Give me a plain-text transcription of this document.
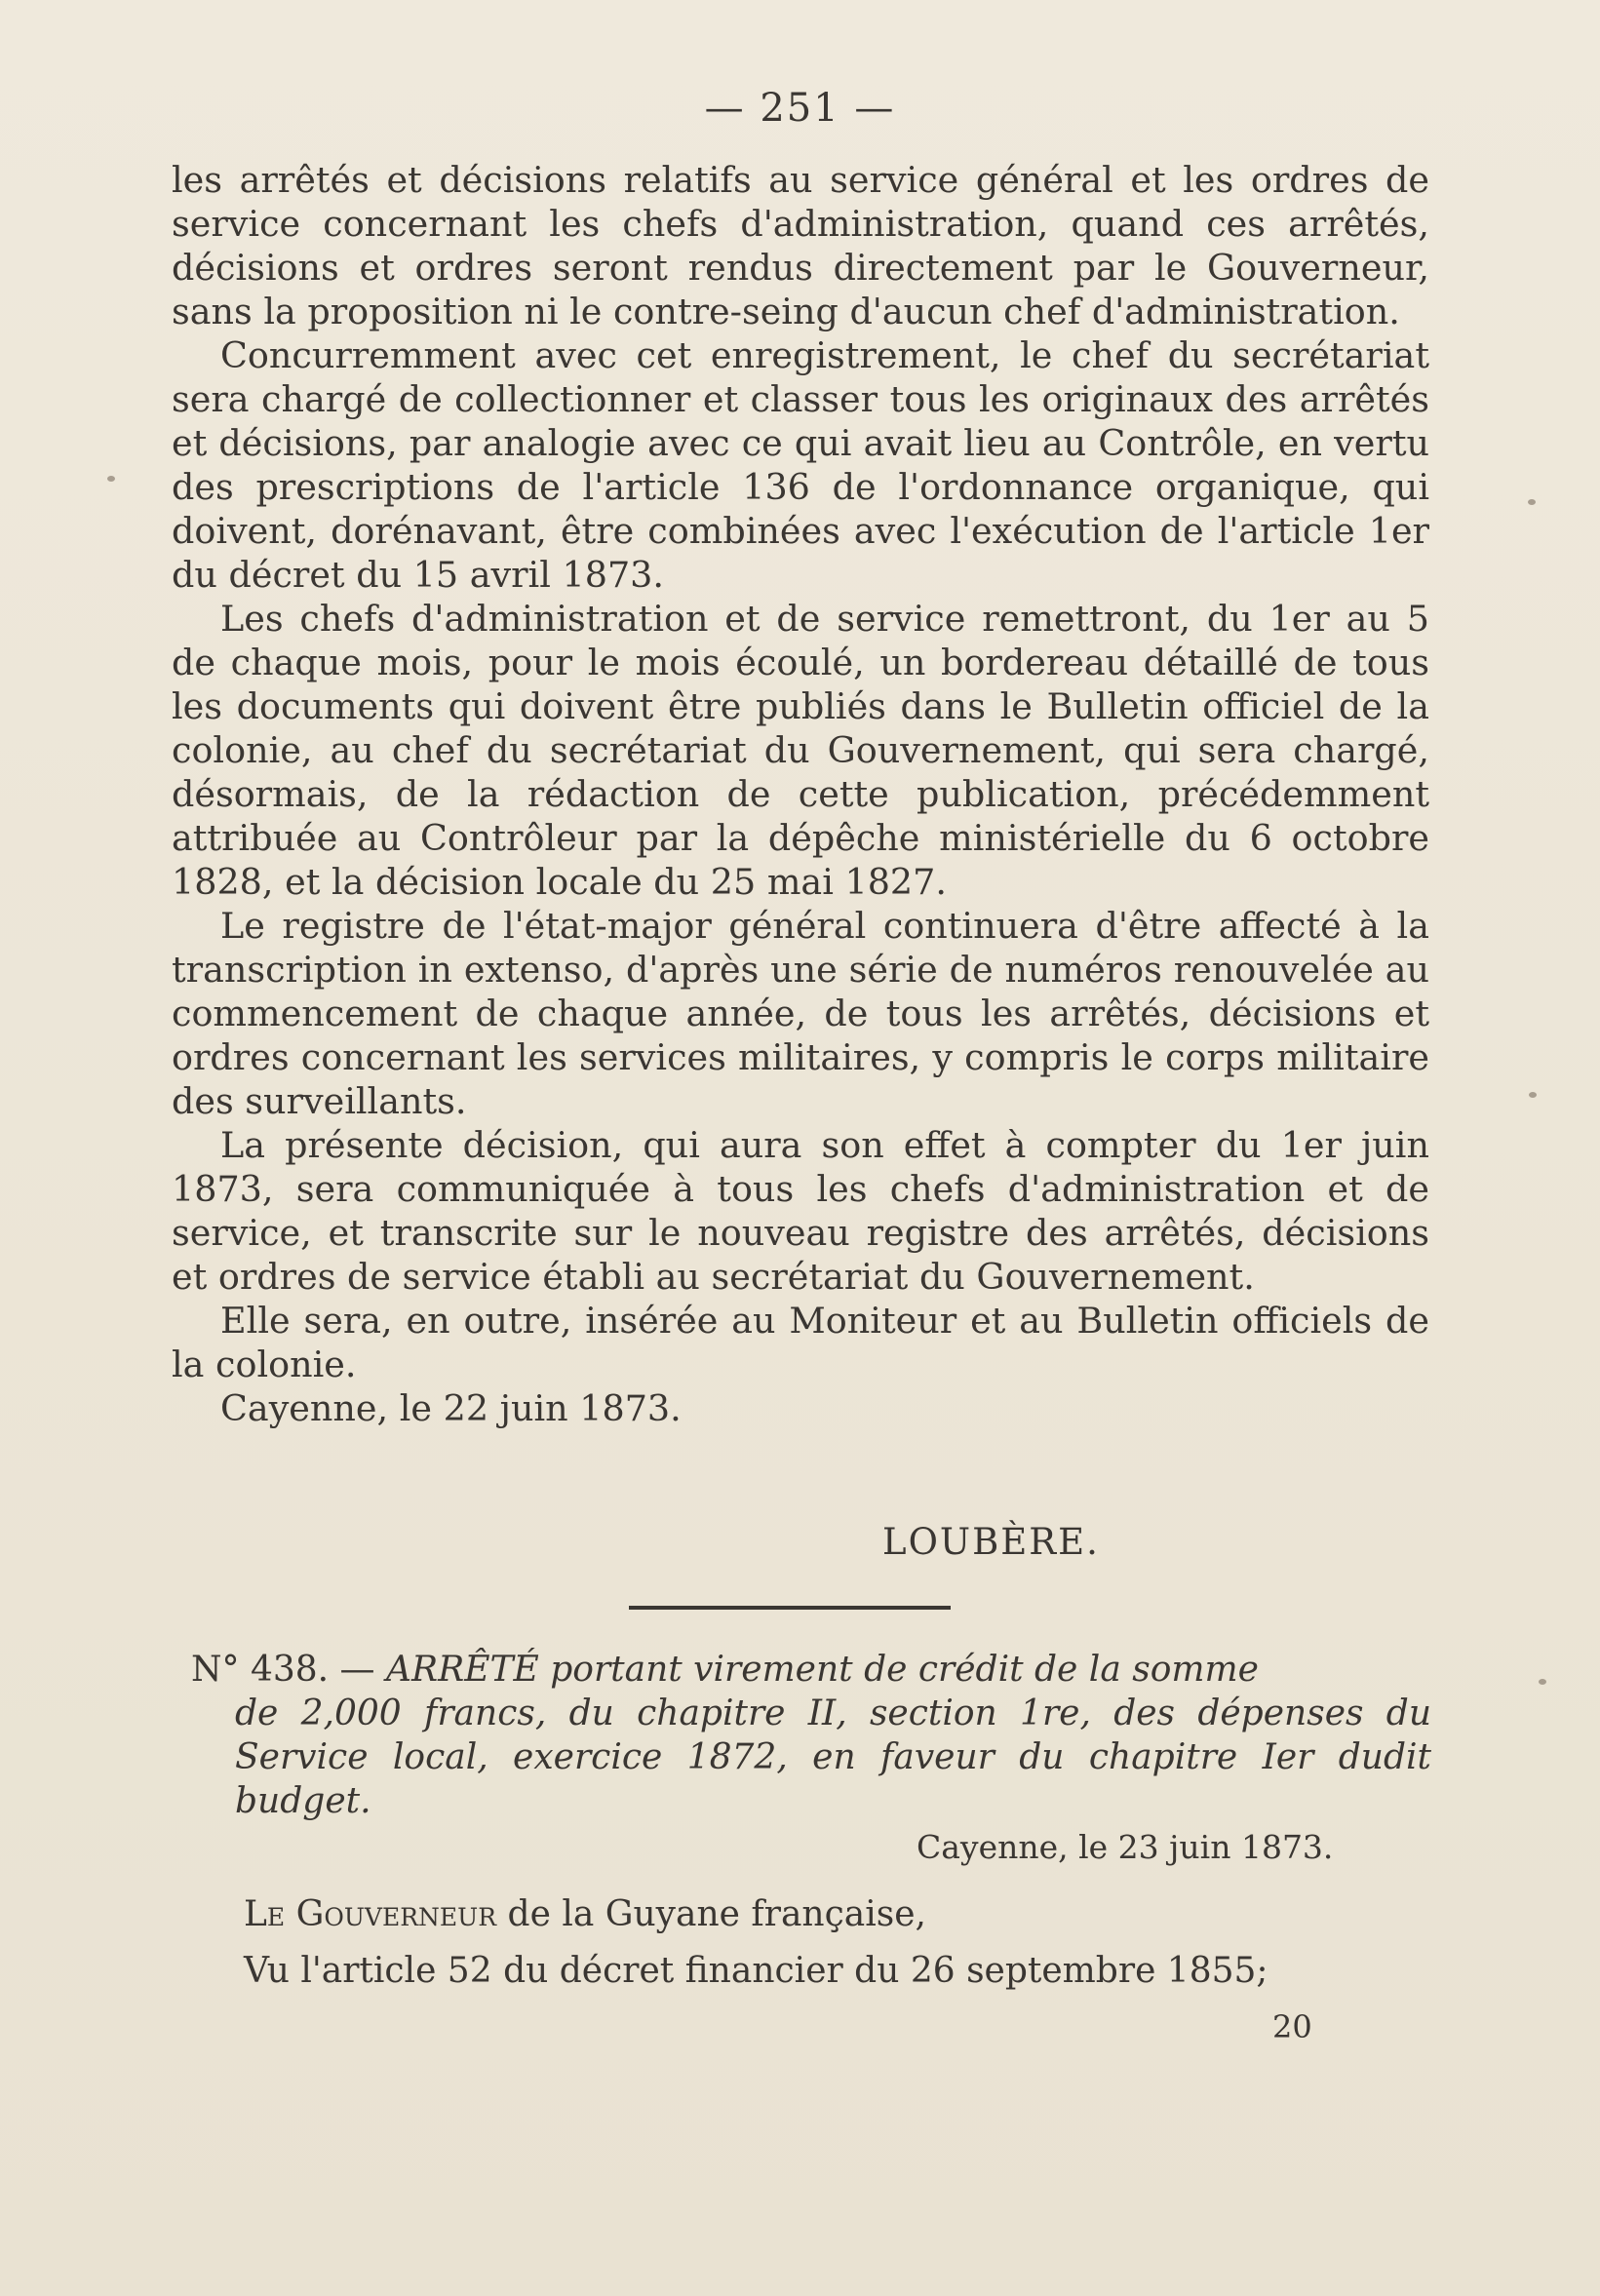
— 251 —

les arrêtés et décisions relatifs au service général et les ordres de service concernant les chefs d'administration, quand ces arrêtés, décisions et ordres seront rendus directement par le Gouverneur, sans la proposition ni le contre-seing d'aucun chef d'administration.

Concurremment avec cet enregistrement, le chef du secrétariat sera chargé de collectionner et classer tous les originaux des arrêtés et décisions, par analogie avec ce qui avait lieu au Contrôle, en vertu des prescriptions de l'article 136 de l'ordonnance organique, qui doivent, dorénavant, être combinées avec l'exécution de l'article 1er du décret du 15 avril 1873.

Les chefs d'administration et de service remettront, du 1er au 5 de chaque mois, pour le mois écoulé, un bordereau détaillé de tous les documents qui doivent être publiés dans le Bulletin officiel de la colonie, au chef du secrétariat du Gouvernement, qui sera chargé, désormais, de la rédaction de cette publication, précédemment attribuée au Contrôleur par la dépêche ministérielle du 6 octobre 1828, et la décision locale du 25 mai 1827.

Le registre de l'état-major général continuera d'être affecté à la transcription in extenso, d'après une série de numéros renouvelée au commencement de chaque année, de tous les arrêtés, décisions et ordres concernant les services militaires, y compris le corps militaire des surveillants.

La présente décision, qui aura son effet à compter du 1er juin 1873, sera communiquée à tous les chefs d'administration et de service, et transcrite sur le nouveau registre des arrêtés, décisions et ordres de service établi au secrétariat du Gouvernement.

Elle sera, en outre, insérée au Moniteur et au Bulletin officiels de la colonie.

Cayenne, le 22 juin 1873.

LOUBÈRE.
N° 438. — ARRÊTÉ portant virement de crédit de la somme
de 2,000 francs, du chapitre II, section 1re, des dépenses du Service local, exercice 1872, en faveur du chapitre Ier dudit budget.
Cayenne, le 23 juin 1873.

Le Gouverneur de la Guyane française,

Vu l'article 52 du décret financier du 26 septembre 1855;

20
